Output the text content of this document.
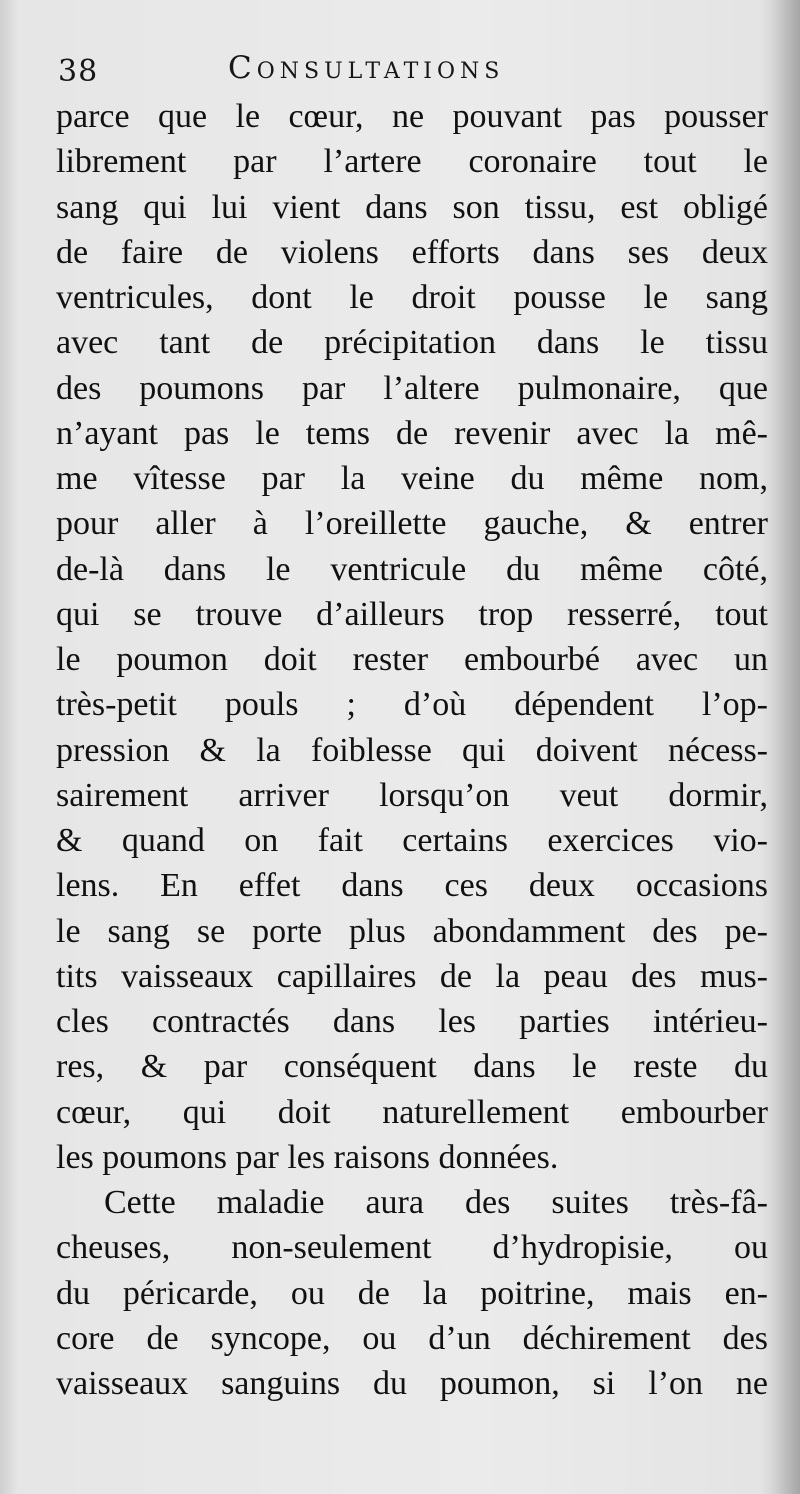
38	Consultations
parce que le cœur, ne pouvant pas pousser
librement par l’artere coronaire tout le
sang qui lui vient dans son tissu, est obligé
de faire de violens efforts dans ses deux
ventricules, dont le droit pousse le sang
avec tant de précipitation dans le tissu
des poumons par l’altere pulmonaire, que
n’ayant pas le tems de revenir avec la mê-
me vîtesse par la veine du même nom,
pour aller à l’oreillette gauche, & entrer
de-là dans le ventricule du même côté,
qui se trouve d’ailleurs trop resserré, tout
le poumon doit rester embourbé avec un
très-petit pouls ; d’où dépendent l’op-
pression & la foiblesse qui doivent nécess-
sairement arriver lorsqu’on veut dormir,
& quand on fait certains exercices vio-
lens. En effet dans ces deux occasions
le sang se porte plus abondamment des pe-
tits vaisseaux capillaires de la peau des mus-
cles contractés dans les parties intérieu-
res, & par conséquent dans le reste du
cœur, qui doit naturellement embourber
les poumons par les raisons données.
Cette maladie aura des suites très-fâ-
cheuses, non-seulement d’hydropisie, ou
du péricarde, ou de la poitrine, mais en-
core de syncope, ou d’un déchirement des
vaisseaux sanguins du poumon, si l’on ne
